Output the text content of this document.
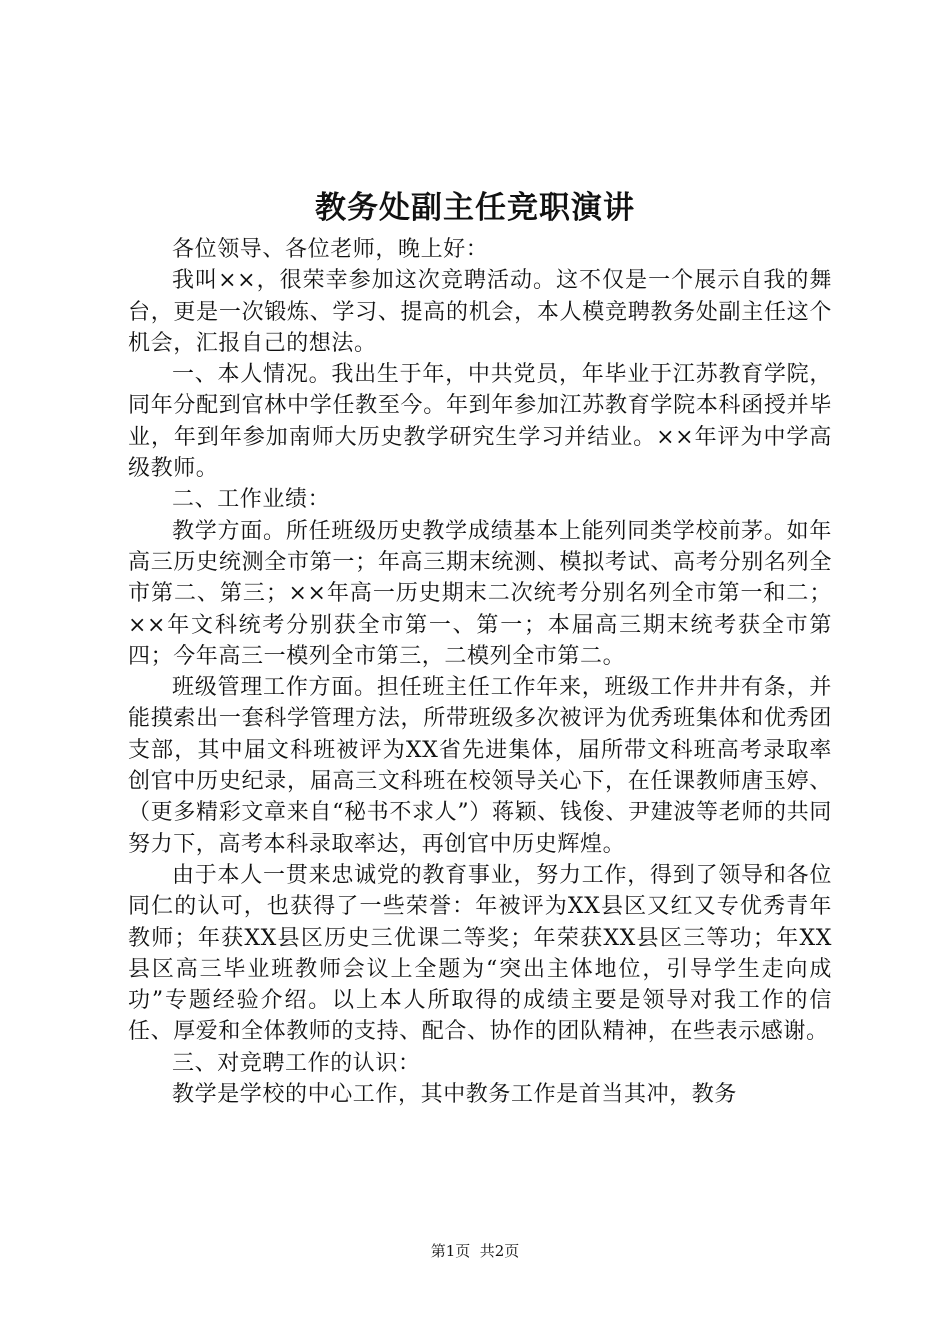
教务处副主任竞职演讲

各位领导、各位老师，晚上好：

我叫××，很荣幸参加这次竞聘活动。这不仅是一个展示自我的舞台，更是一次锻炼、学习、提高的机会，本人模竞聘教务处副主任这个机会，汇报自己的想法。

一、本人情况。我出生于年，中共党员，年毕业于江苏教育学院，同年分配到官林中学任教至今。年到年参加江苏教育学院本科函授并毕业，年到年参加南师大历史教学研究生学习并结业。××年评为中学高级教师。

二、工作业绩：

教学方面。所任班级历史教学成绩基本上能列同类学校前茅。如年高三历史统测全市第一；年高三期末统测、模拟考试、高考分别名列全市第二、第三；××年高一历史期末二次统考分别名列全市第一和二；××年文科统考分别获全市第一、第一；本届高三期末统考获全市第四；今年高三一模列全市第三，二模列全市第二。

班级管理工作方面。担任班主任工作年来，班级工作井井有条，并能摸索出一套科学管理方法，所带班级多次被评为优秀班集体和优秀团支部，其中届文科班被评为XX省先进集体，届所带文科班高考录取率创官中历史纪录，届高三文科班在校领导关心下，在任课教师唐玉婷、（更多精彩文章来自“秘书不求人”）蒋颖、钱俊、尹建波等老师的共同努力下，高考本科录取率达，再创官中历史辉煌。

由于本人一贯来忠诚党的教育事业，努力工作，得到了领导和各位同仁的认可，也获得了一些荣誉：年被评为XX县区又红又专优秀青年教师；年获XX县区历史三优课二等奖；年荣获XX县区三等功；年XX县区高三毕业班教师会议上全题为“突出主体地位，引导学生走向成功”专题经验介绍。以上本人所取得的成绩主要是领导对我工作的信任、厚爱和全体教师的支持、配合、协作的团队精神，在些表示感谢。

三、对竞聘工作的认识：

教学是学校的中心工作，其中教务工作是首当其冲，教务

第1页  共2页
